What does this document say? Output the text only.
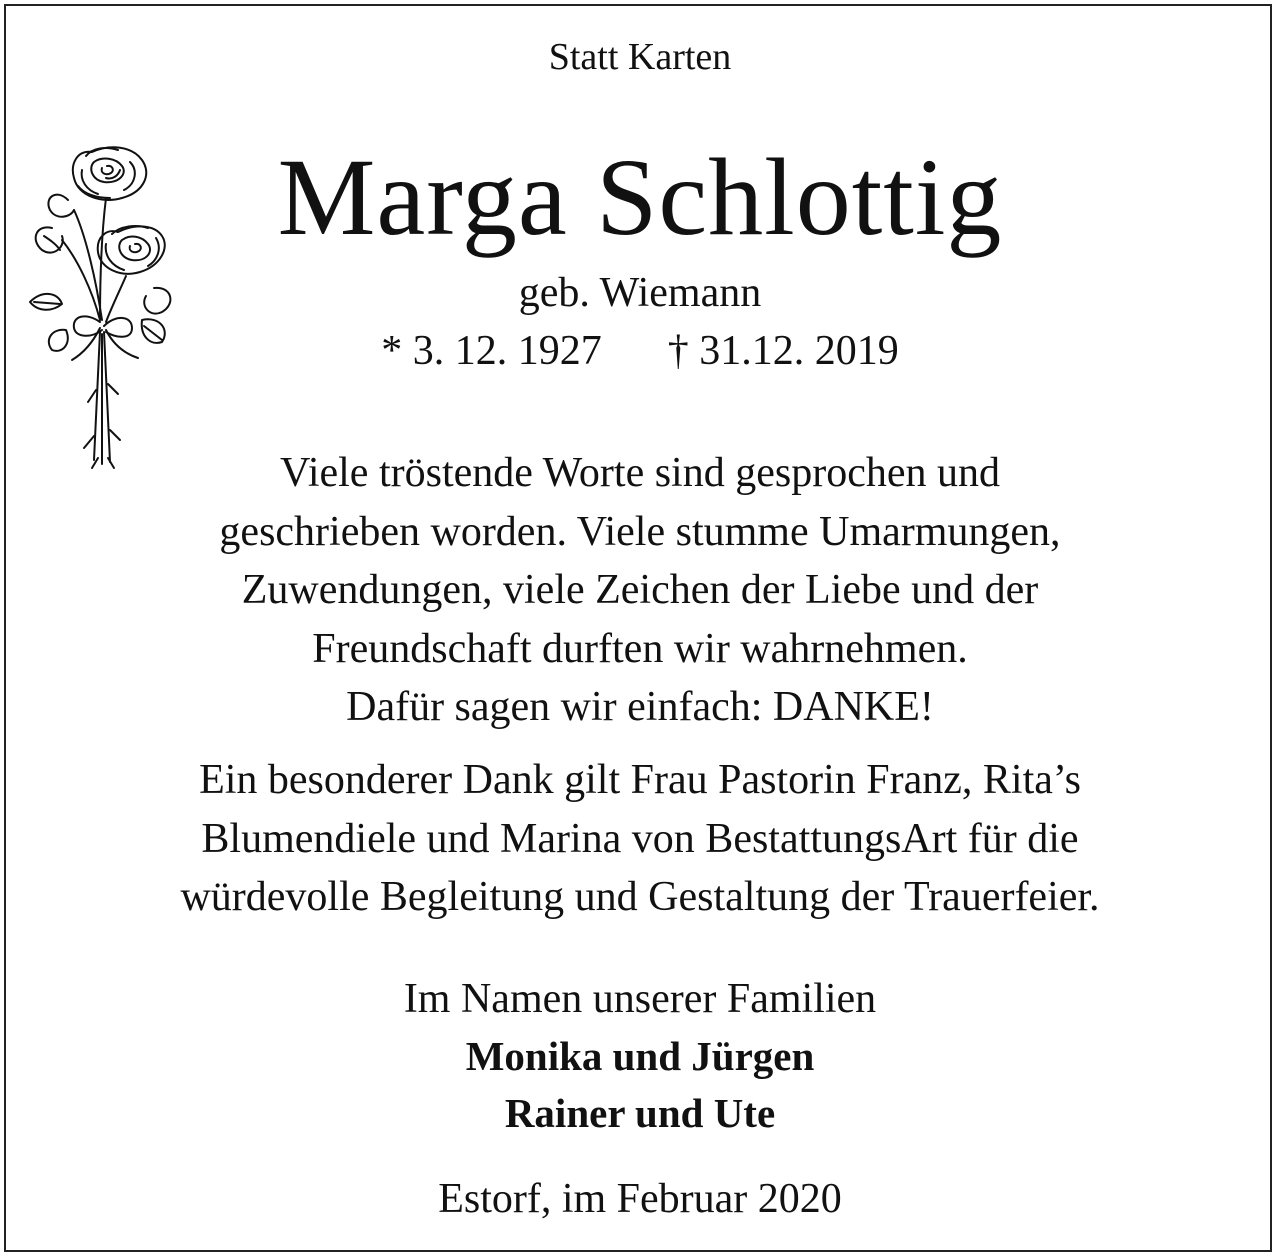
Statt Karten
Marga Schlottig
geb. Wiemann
* 3. 12. 1927 † 31.12. 2019
Viele tröstende Worte sind gesprochen und
geschrieben worden. Viele stumme Umarmungen,
Zuwendungen, viele Zeichen der Liebe und der
Freundschaft durften wir wahrnehmen.
Dafür sagen wir einfach: DANKE!
Ein besonderer Dank gilt Frau Pastorin Franz, Rita’s
Blumendiele und Marina von BestattungsArt für die
würdevolle Begleitung und Gestaltung der Trauerfeier.
Im Namen unserer Familien
Monika und Jürgen
Rainer und Ute
Estorf, im Februar 2020
